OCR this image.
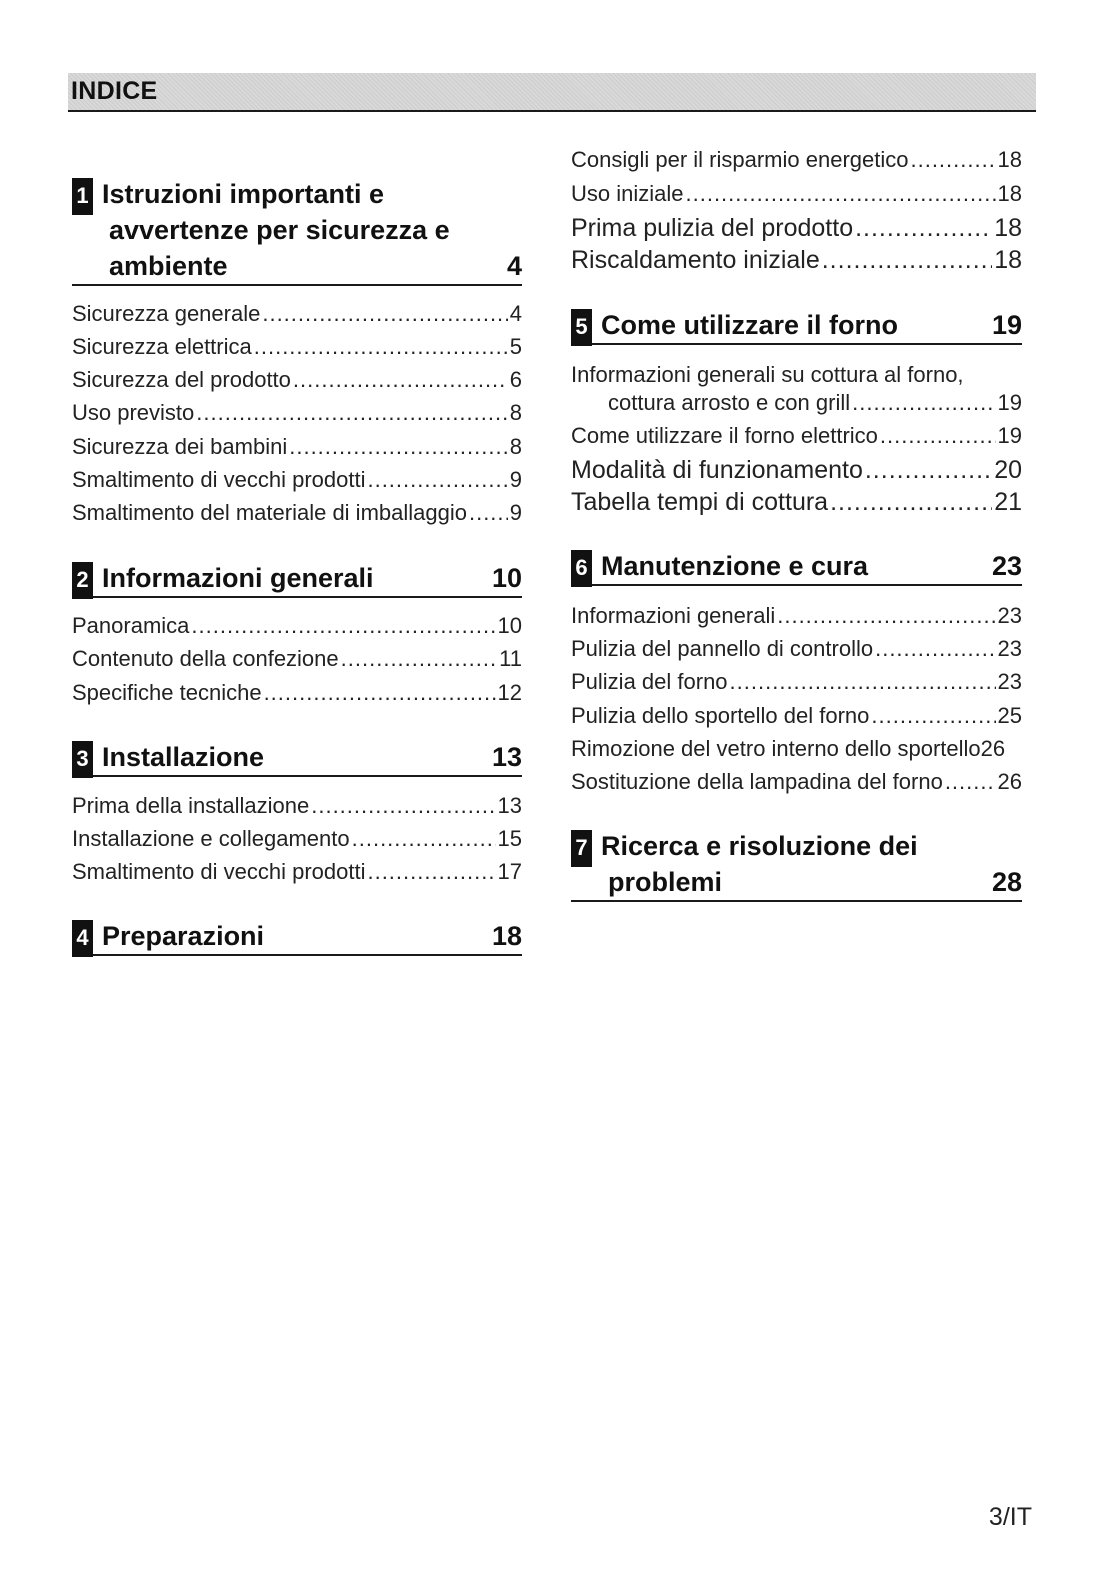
INDICE
1 Istruzioni importanti e
avvertenze per sicurezza e
ambiente	4
Sicurezza generale .....	4
Sicurezza elettrica .....	5
Sicurezza del prodotto .....	6
Uso previsto .....	8
Sicurezza dei bambini .....	8
Smaltimento di vecchi prodotti .....	9
Smaltimento del materiale di imballaggio ..... 9
2 Informazioni generali	10
Panoramica .....	10
Contenuto della confezione .....	11
Specifiche tecniche .....	12
3 Installazione	13
Prima della installazione .....	13
Installazione e collegamento .....	15
Smaltimento di vecchi prodotti .....	17
4 Preparazioni	18
Consigli per il risparmio energetico .....	18
Uso iniziale .....	18
Prima pulizia del prodotto .....	18
Riscaldamento iniziale .....	18
5 Come utilizzare il forno	19
Informazioni generali su cottura al forno,
cottura arrosto e con grill .....	19
Come utilizzare il forno elettrico .....	19
Modalità di funzionamento .....	20
Tabella tempi di cottura .....	21
6 Manutenzione e cura	23
Informazioni generali .....	23
Pulizia del pannello di controllo .....	23
Pulizia del forno .....	23
Pulizia dello sportello del forno .....	25
Rimozione del vetro interno dello sportello 26
Sostituzione della lampadina del forno ..... 26
7 Ricerca e risoluzione dei
problemi	28
3/IT
